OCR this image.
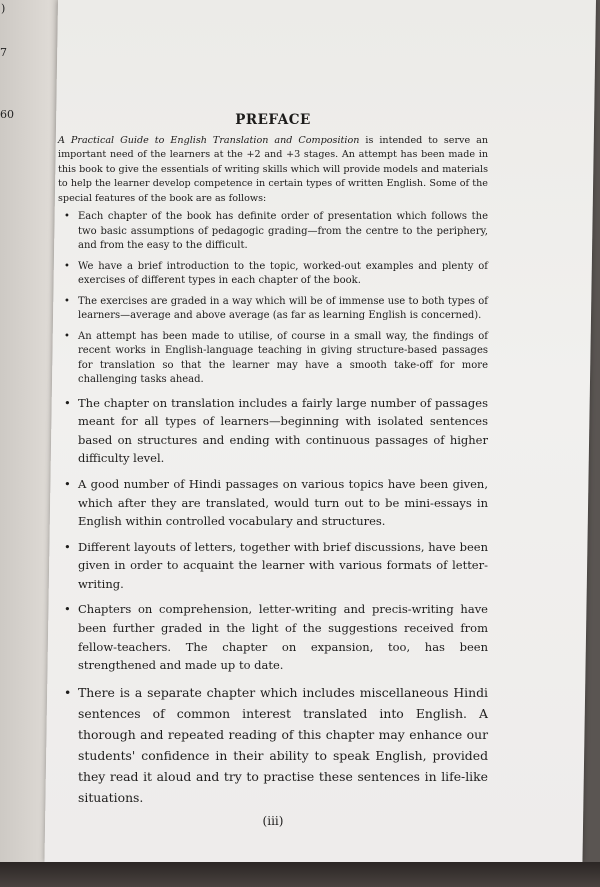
)
7
60	PREFACE

A Practical Guide to English Translation and Composition is intended to serve an important need of the learners at the +2 and +3 stages. An attempt has been made in this book to give the essentials of writing skills which will provide models and materials to help the learner develop competence in certain types of written English. Some of the special features of the book are as follows:

• Each chapter of the book has definite order of presentation which follows the two basic assumptions of pedagogic grading—from the centre to the periphery, and from the easy to the difficult.
• We have a brief introduction to the topic, worked-out examples and plenty of exercises of different types in each chapter of the book.
• The exercises are graded in a way which will be of immense use to both types of learners—average and above average (as far as learning English is concerned).
• An attempt has been made to utilise, of course in a small way, the findings of recent works in English-language teaching in giving structure-based passages for translation so that the learner may have a smooth take-off for more challenging tasks ahead.
• The chapter on translation includes a fairly large number of passages meant for all types of learners—beginning with isolated sentences based on structures and ending with continuous passages of higher difficulty level.
• A good number of Hindi passages on various topics have been given, which after they are translated, would turn out to be mini-essays in English within controlled vocabulary and structures.
• Different layouts of letters, together with brief discussions, have been given in order to acquaint the learner with various formats of letter-writing.
• Chapters on comprehension, letter-writing and precis-writing have been further graded in the light of the suggestions received from fellow-teachers. The chapter on expansion, too, has been strengthened and made up to date.
• There is a separate chapter which includes miscellaneous Hindi sentences of common interest translated into English. A thorough and repeated reading of this chapter may enhance our students' confidence in their ability to speak English, provided they read it aloud and try to practise these sentences in life-like situations.
(iii)
